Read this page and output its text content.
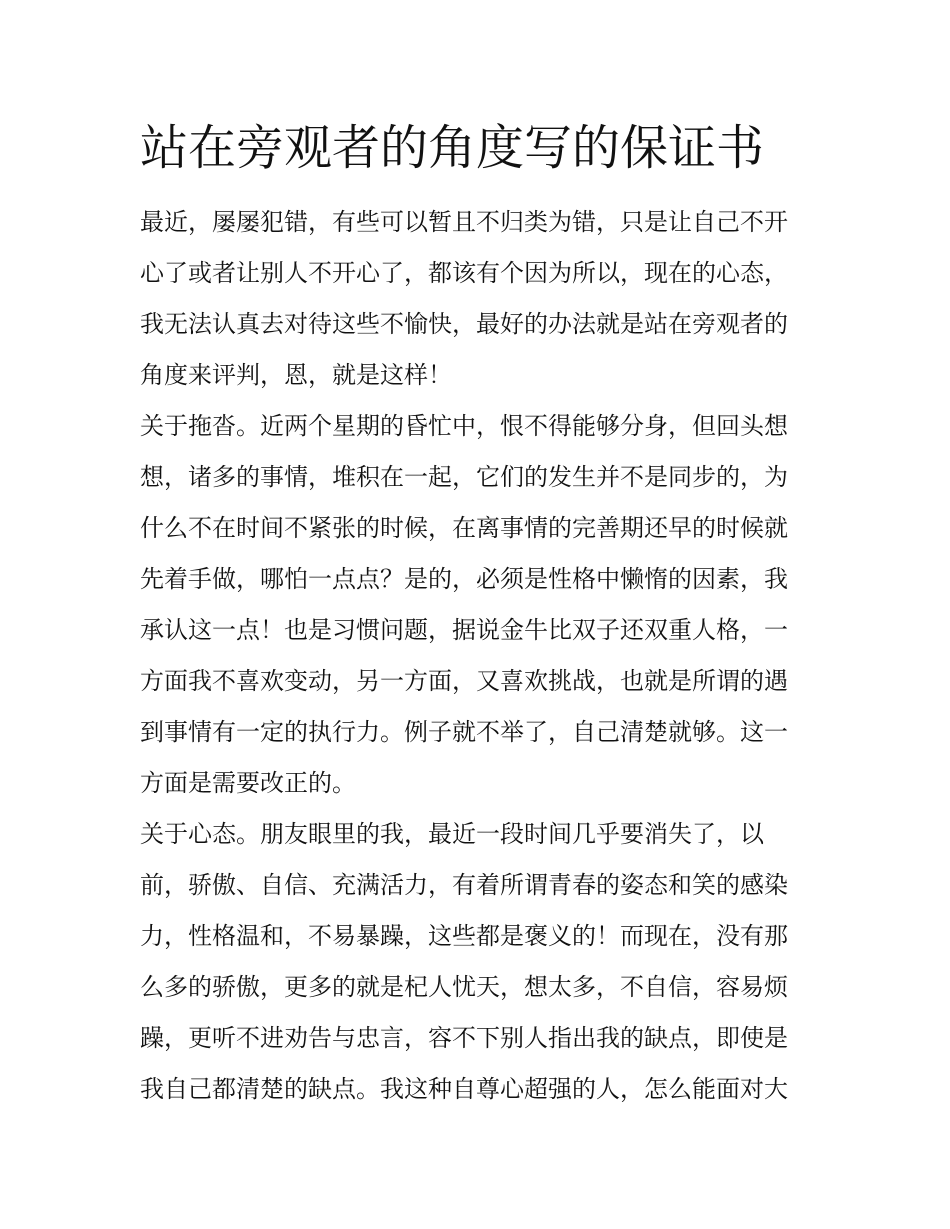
站在旁观者的角度写的保证书

最近，屡屡犯错，有些可以暂且不归类为错，只是让自己不开

心了或者让别人不开心了，都该有个因为所以，现在的心态，

我无法认真去对待这些不愉快，最好的办法就是站在旁观者的

角度来评判，恩，就是这样！

关于拖沓。近两个星期的昏忙中，恨不得能够分身，但回头想

想，诸多的事情，堆积在一起，它们的发生并不是同步的，为

什么不在时间不紧张的时候，在离事情的完善期还早的时候就

先着手做，哪怕一点点？是的，必须是性格中懒惰的因素，我

承认这一点！也是习惯问题，据说金牛比双子还双重人格，一

方面我不喜欢变动，另一方面，又喜欢挑战，也就是所谓的遇

到事情有一定的执行力。例子就不举了，自己清楚就够。这一

方面是需要改正的。

关于心态。朋友眼里的我，最近一段时间几乎要消失了，以

前，骄傲、自信、充满活力，有着所谓青春的姿态和笑的感染

力，性格温和，不易暴躁，这些都是褒义的！而现在，没有那

么多的骄傲，更多的就是杞人忧天，想太多，不自信，容易烦

躁，更听不进劝告与忠言，容不下别人指出我的缺点，即使是

我自己都清楚的缺点。我这种自尊心超强的人，怎么能面对大
